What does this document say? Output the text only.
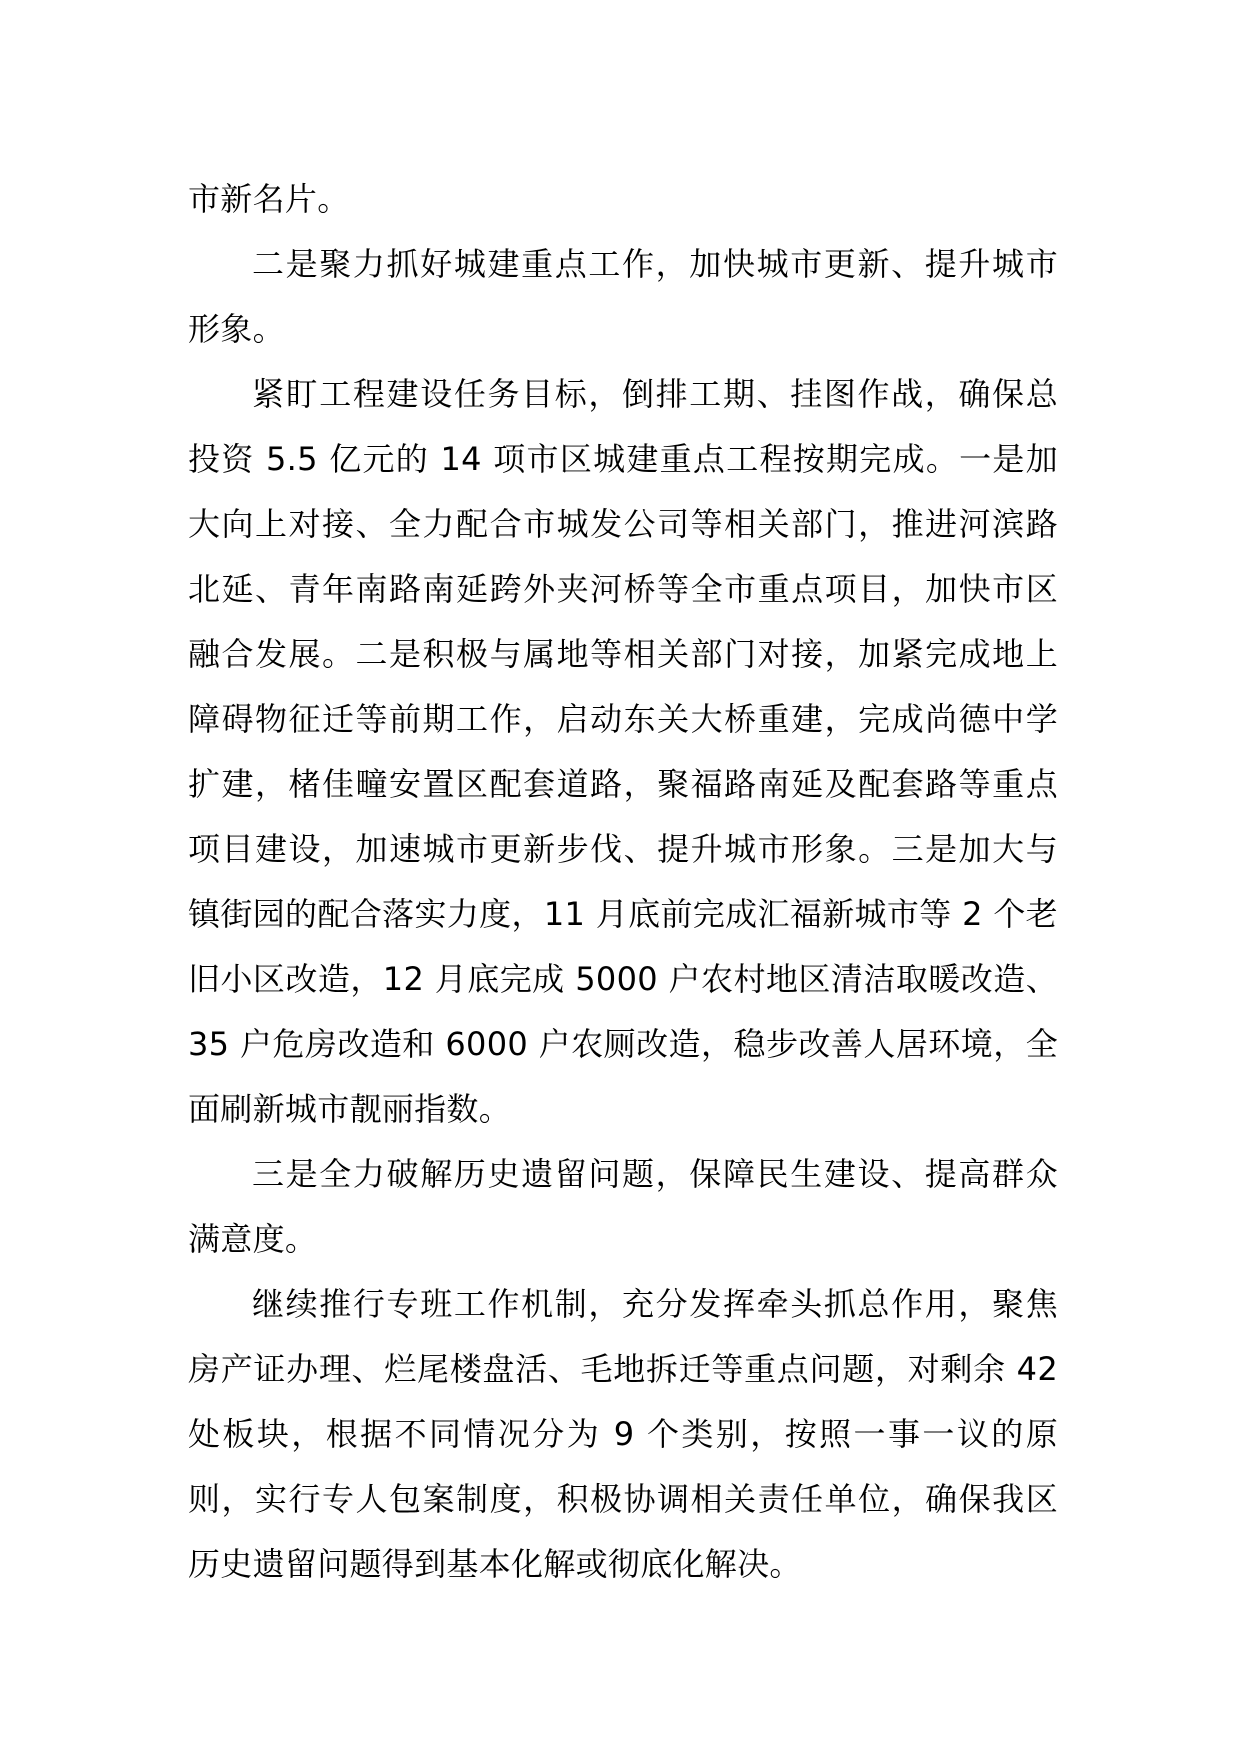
市新名片。

二是聚力抓好城建重点工作，加快城市更新、提升城市形象。

紧盯工程建设任务目标，倒排工期、挂图作战，确保总投资 5.5 亿元的 14 项市区城建重点工程按期完成。一是加大向上对接、全力配合市城发公司等相关部门，推进河滨路北延、青年南路南延跨外夹河桥等全市重点项目，加快市区融合发展。二是积极与属地等相关部门对接，加紧完成地上障碍物征迁等前期工作，启动东关大桥重建，完成尚德中学扩建，楮佳疃安置区配套道路，聚福路南延及配套路等重点项目建设，加速城市更新步伐、提升城市形象。三是加大与镇街园的配合落实力度，11 月底前完成汇福新城市等 2 个老旧小区改造，12 月底完成 5000 户农村地区清洁取暖改造、35 户危房改造和 6000 户农厕改造，稳步改善人居环境，全面刷新城市靓丽指数。

三是全力破解历史遗留问题，保障民生建设、提高群众满意度。

继续推行专班工作机制，充分发挥牵头抓总作用，聚焦房产证办理、烂尾楼盘活、毛地拆迁等重点问题，对剩余 42 处板块，根据不同情况分为 9 个类别，按照一事一议的原则，实行专人包案制度，积极协调相关责任单位，确保我区历史遗留问题得到基本化解或彻底化解决。
